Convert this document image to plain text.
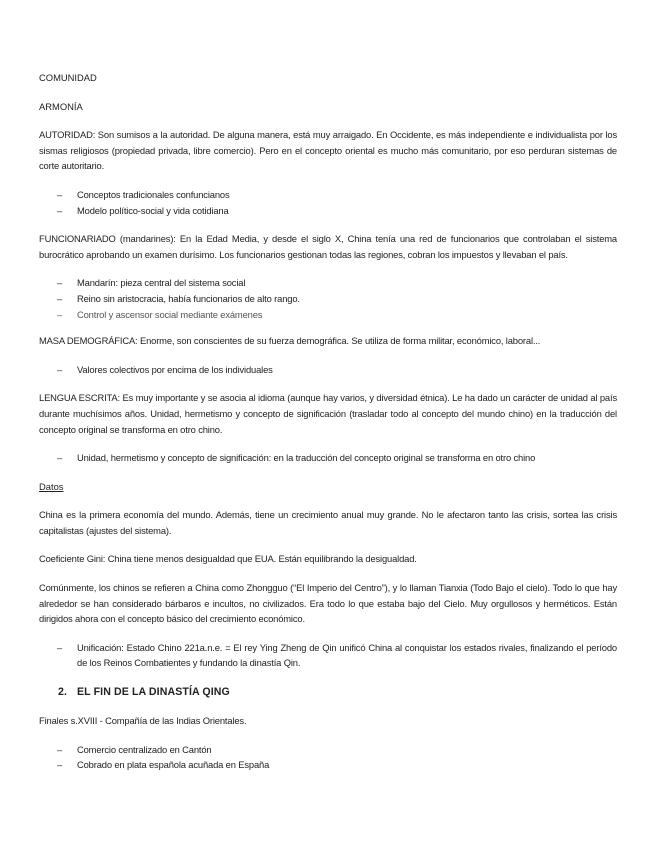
COMUNIDAD

ARMONÍA

AUTORIDAD: Son sumisos a la autoridad. De alguna manera, está muy arraigado. En Occidente, es más independiente e individualista por los sismas religiosos (propiedad privada, libre comercio). Pero en el concepto oriental es mucho más comunitario, por eso perduran sistemas de corte autoritario.

– Conceptos tradicionales confuncianos
– Modelo político-social y vida cotidiana

FUNCIONARIADO (mandarines): En la Edad Media, y desde el siglo X, China tenía una red de funcionarios que controlaban el sistema burocrático aprobando un examen durísimo. Los funcionarios gestionan todas las regiones, cobran los impuestos y llevaban el país.

– Mandarín: pieza central del sistema social
– Reino sin aristocracia, había funcionarios de alto rango.
– Control y ascensor social mediante exámenes

MASA DEMOGRÁFICA: Enorme, son conscientes de su fuerza demográfica. Se utiliza de forma militar, económico, laboral...

– Valores colectivos por encima de los individuales

LENGUA ESCRITA: Es muy importante y se asocia al idioma (aunque hay varios, y diversidad étnica). Le ha dado un carácter de unidad al país durante muchísimos años. Unidad, hermetismo y concepto de significación (trasladar todo al concepto del mundo chino) en la traducción del concepto original se transforma en otro chino.

– Unidad, hermetismo y concepto de significación: en la traducción del concepto original se transforma en otro chino

Datos

China es la primera economía del mundo. Además, tiene un crecimiento anual muy grande. No le afectaron tanto las crisis, sortea las crisis capitalistas (ajustes del sistema).

Coeficiente Gini: China tiene menos desigualdad que EUA. Están equilibrando la desigualdad.

Comúnmente, los chinos se refieren a China como Zhongguo (“El Imperio del Centro”), y lo llaman Tianxia (Todo Bajo el cielo). Todo lo que hay alrededor se han considerado bárbaros e incultos, no civilizados. Era todo lo que estaba bajo del Cielo. Muy orgullosos y herméticos. Están dirigidos ahora con el concepto básico del crecimiento económico.

– Unificación: Estado Chino 221a.n.e. = El rey Ying Zheng de Qin unificó China al conquistar los estados rivales, finalizando el período de los Reinos Combatientes y fundando la dinastía Qin.

2. EL FIN DE LA DINASTÍA QING

Finales s.XVIII - Compañía de las Indias Orientales.

– Comercio centralizado en Cantón
– Cobrado en plata española acuñada en España
